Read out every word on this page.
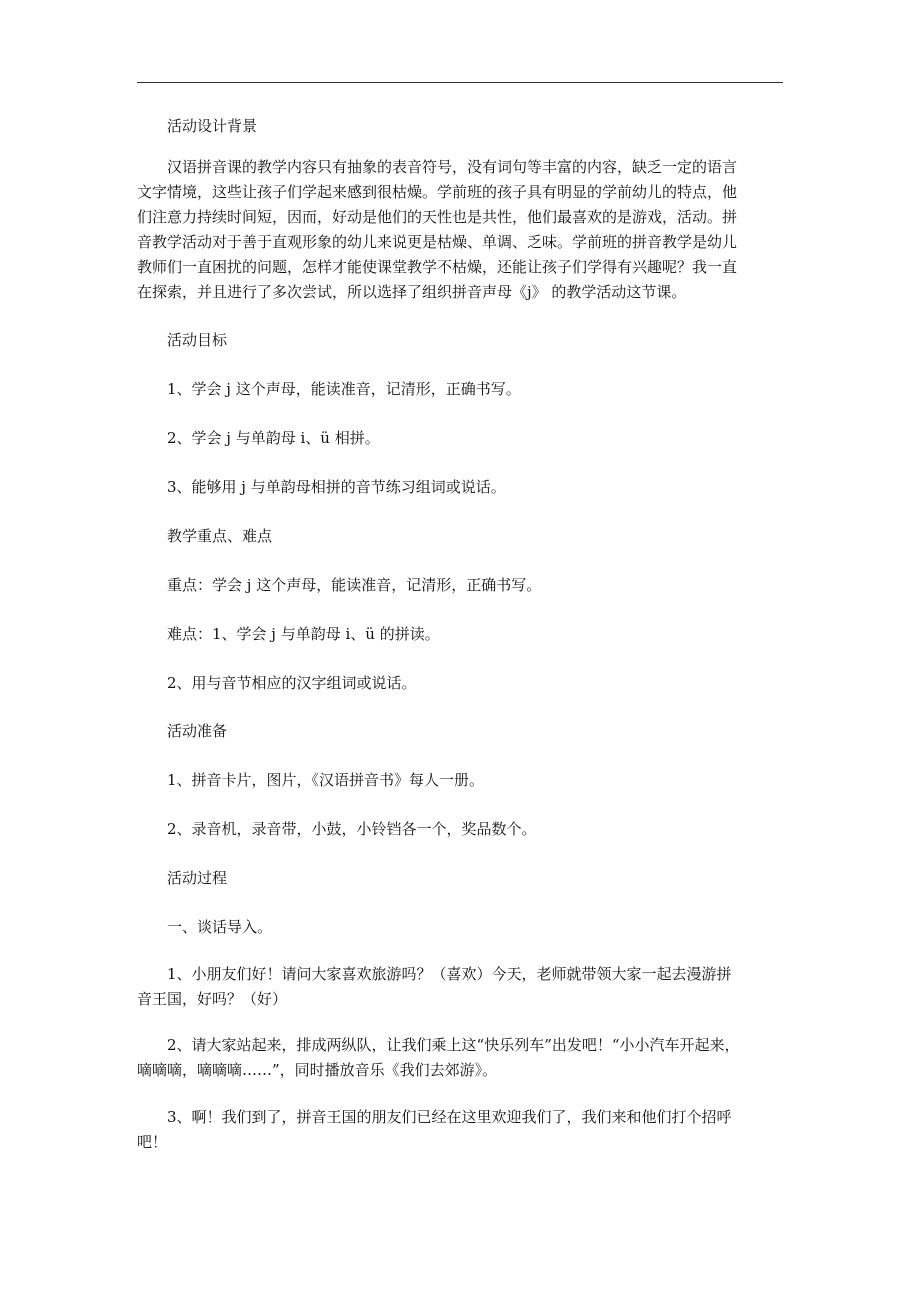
活动设计背景

汉语拼音课的教学内容只有抽象的表音符号，没有词句等丰富的内容，缺乏一定的语言
文字情境，这些让孩子们学起来感到很枯燥。学前班的孩子具有明显的学前幼儿的特点，他
们注意力持续时间短，因而，好动是他们的天性也是共性，他们最喜欢的是游戏，活动。拼
音教学活动对于善于直观形象的幼儿来说更是枯燥、单调、乏味。学前班的拼音教学是幼儿
教师们一直困扰的问题，怎样才能使课堂教学不枯燥，还能让孩子们学得有兴趣呢？我一直
在探索，并且进行了多次尝试，所以选择了组织拼音声母《j》 的教学活动这节课。

活动目标

1、学会 j 这个声母，能读准音，记清形，正确书写。

2、学会 j 与单韵母 i、ü 相拼。

3、能够用 j 与单韵母相拼的音节练习组词或说话。

教学重点、难点

重点：学会 j 这个声母，能读准音，记清形，正确书写。

难点：1、学会 j 与单韵母 i、ü 的拼读。

2、用与音节相应的汉字组词或说话。

活动准备

1、拼音卡片，图片，《汉语拼音书》每人一册。

2、录音机，录音带，小鼓，小铃铛各一个，奖品数个。

活动过程

一、谈话导入。

1、小朋友们好！请问大家喜欢旅游吗？（喜欢）今天，老师就带领大家一起去漫游拼
音王国，好吗？（好）
2、请大家站起来，排成两纵队，让我们乘上这“快乐列车”出发吧！“小小汽车开起来，
嘀嘀嘀，嘀嘀嘀……”，同时播放音乐《我们去郊游》。
3、啊！我们到了，拼音王国的朋友们已经在这里欢迎我们了，我们来和他们打个招呼
吧！
